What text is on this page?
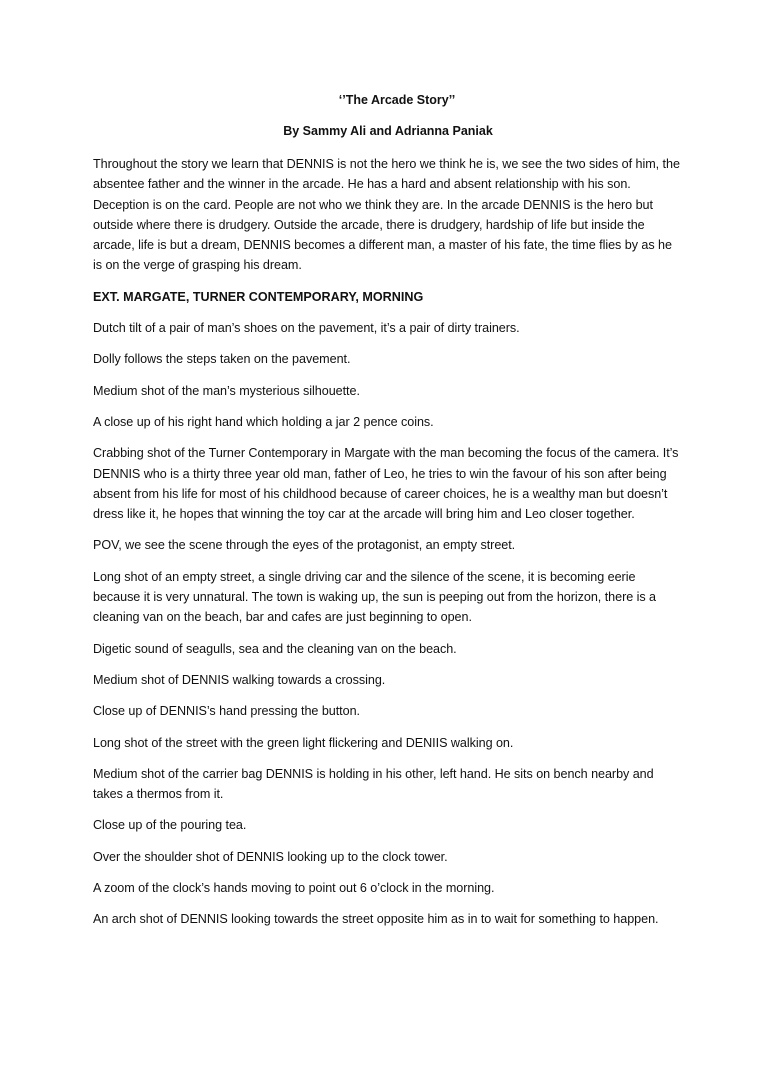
‘’The Arcade Story’’
By Sammy Ali and Adrianna Paniak
Throughout the story we learn that DENNIS is not the hero we think he is, we see the two sides of him, the absentee father and the winner in the arcade. He has a hard and absent relationship with his son. Deception is on the card. People are not who we think they are. In the arcade DENNIS is the hero but outside where there is drudgery. Outside the arcade, there is drudgery, hardship of life but inside the arcade, life is but a dream, DENNIS becomes a different man, a master of his fate, the time flies by as he is on the verge of grasping his dream.
EXT. MARGATE, TURNER CONTEMPORARY, MORNING
Dutch tilt of a pair of man’s shoes on the pavement, it’s a pair of dirty trainers.
Dolly follows the steps taken on the pavement.
Medium shot of the man’s mysterious silhouette.
A close up of his right hand which holding a jar 2 pence coins.
Crabbing shot of the Turner Contemporary in Margate with the man becoming the focus of the camera. It’s DENNIS who is a thirty three year old man, father of Leo, he tries to win the favour of his son after being absent from his life for most of his childhood because of career choices, he is a wealthy man but doesn’t dress like it, he hopes that winning the toy car at the arcade will bring him and Leo closer together.
POV, we see the scene through the eyes of the protagonist, an empty street.
Long shot of an empty street, a single driving car and the silence of the scene, it is becoming eerie because it is very unnatural. The town is waking up, the sun is peeping out from the horizon, there is a cleaning van on the beach, bar and cafes are just beginning to open.
Digetic sound of seagulls, sea and the cleaning van on the beach.
Medium shot of DENNIS walking towards a crossing.
Close up of DENNIS’s hand pressing the button.
Long shot of the street with the green light flickering and DENIIS walking on.
Medium shot of the carrier bag DENNIS is holding in his other, left hand. He sits on bench nearby and takes a thermos from it.
Close up of the pouring tea.
Over the shoulder shot of DENNIS looking up to the clock tower.
A zoom of the clock’s hands moving to point out 6 o’clock in the morning.
An arch shot of DENNIS looking towards the street opposite him as in to wait for something to happen.
